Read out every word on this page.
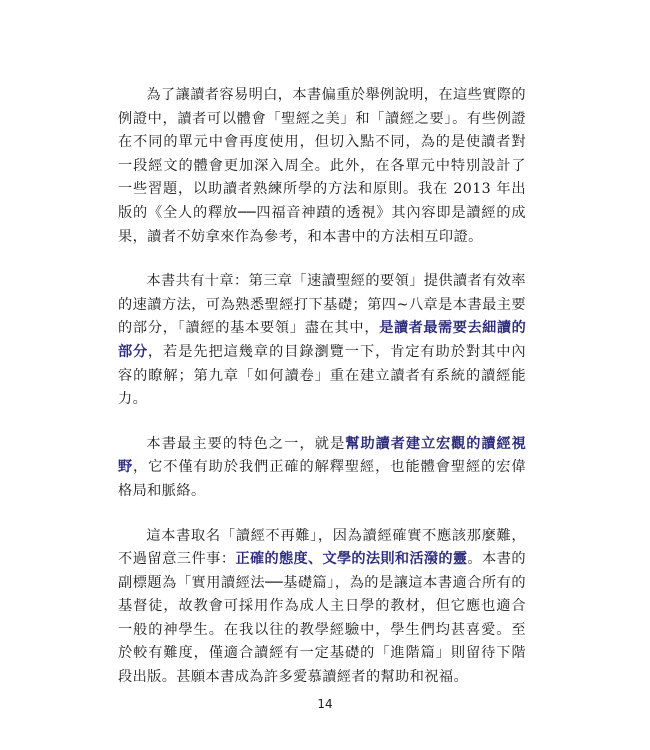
為了讓讀者容易明白，本書偏重於舉例說明，在這些實際的例證中，讀者可以體會「聖經之美」和「讀經之要」。有些例證在不同的單元中會再度使用，但切入點不同，為的是使讀者對一段經文的體會更加深入周全。此外，在各單元中特別設計了一些習題，以助讀者熟練所學的方法和原則。我在 2013 年出版的《全人的釋放──四福音神蹟的透視》其內容即是讀經的成果，讀者不妨拿來作為參考，和本書中的方法相互印證。

本書共有十章：第三章「速讀聖經的要領」提供讀者有效率的速讀方法，可為熟悉聖經打下基礎；第四~八章是本書最主要的部分，「讀經的基本要領」盡在其中，是讀者最需要去細讀的部分，若是先把這幾章的目錄瀏覽一下，肯定有助於對其中內容的瞭解；第九章「如何讀卷」重在建立讀者有系統的讀經能力。

本書最主要的特色之一，就是幫助讀者建立宏觀的讀經視野，它不僅有助於我們正確的解釋聖經，也能體會聖經的宏偉格局和脈絡。

這本書取名「讀經不再難」，因為讀經確實不應該那麼難，不過留意三件事：正確的態度、文學的法則和活潑的靈。本書的副標題為「實用讀經法──基礎篇」，為的是讓這本書適合所有的基督徒，故教會可採用作為成人主日學的教材，但它應也適合一般的神學生。在我以往的教學經驗中，學生們均甚喜愛。至於較有難度，僅適合讀經有一定基礎的「進階篇」則留待下階段出版。甚願本書成為許多愛慕讀經者的幫助和祝福。

14
